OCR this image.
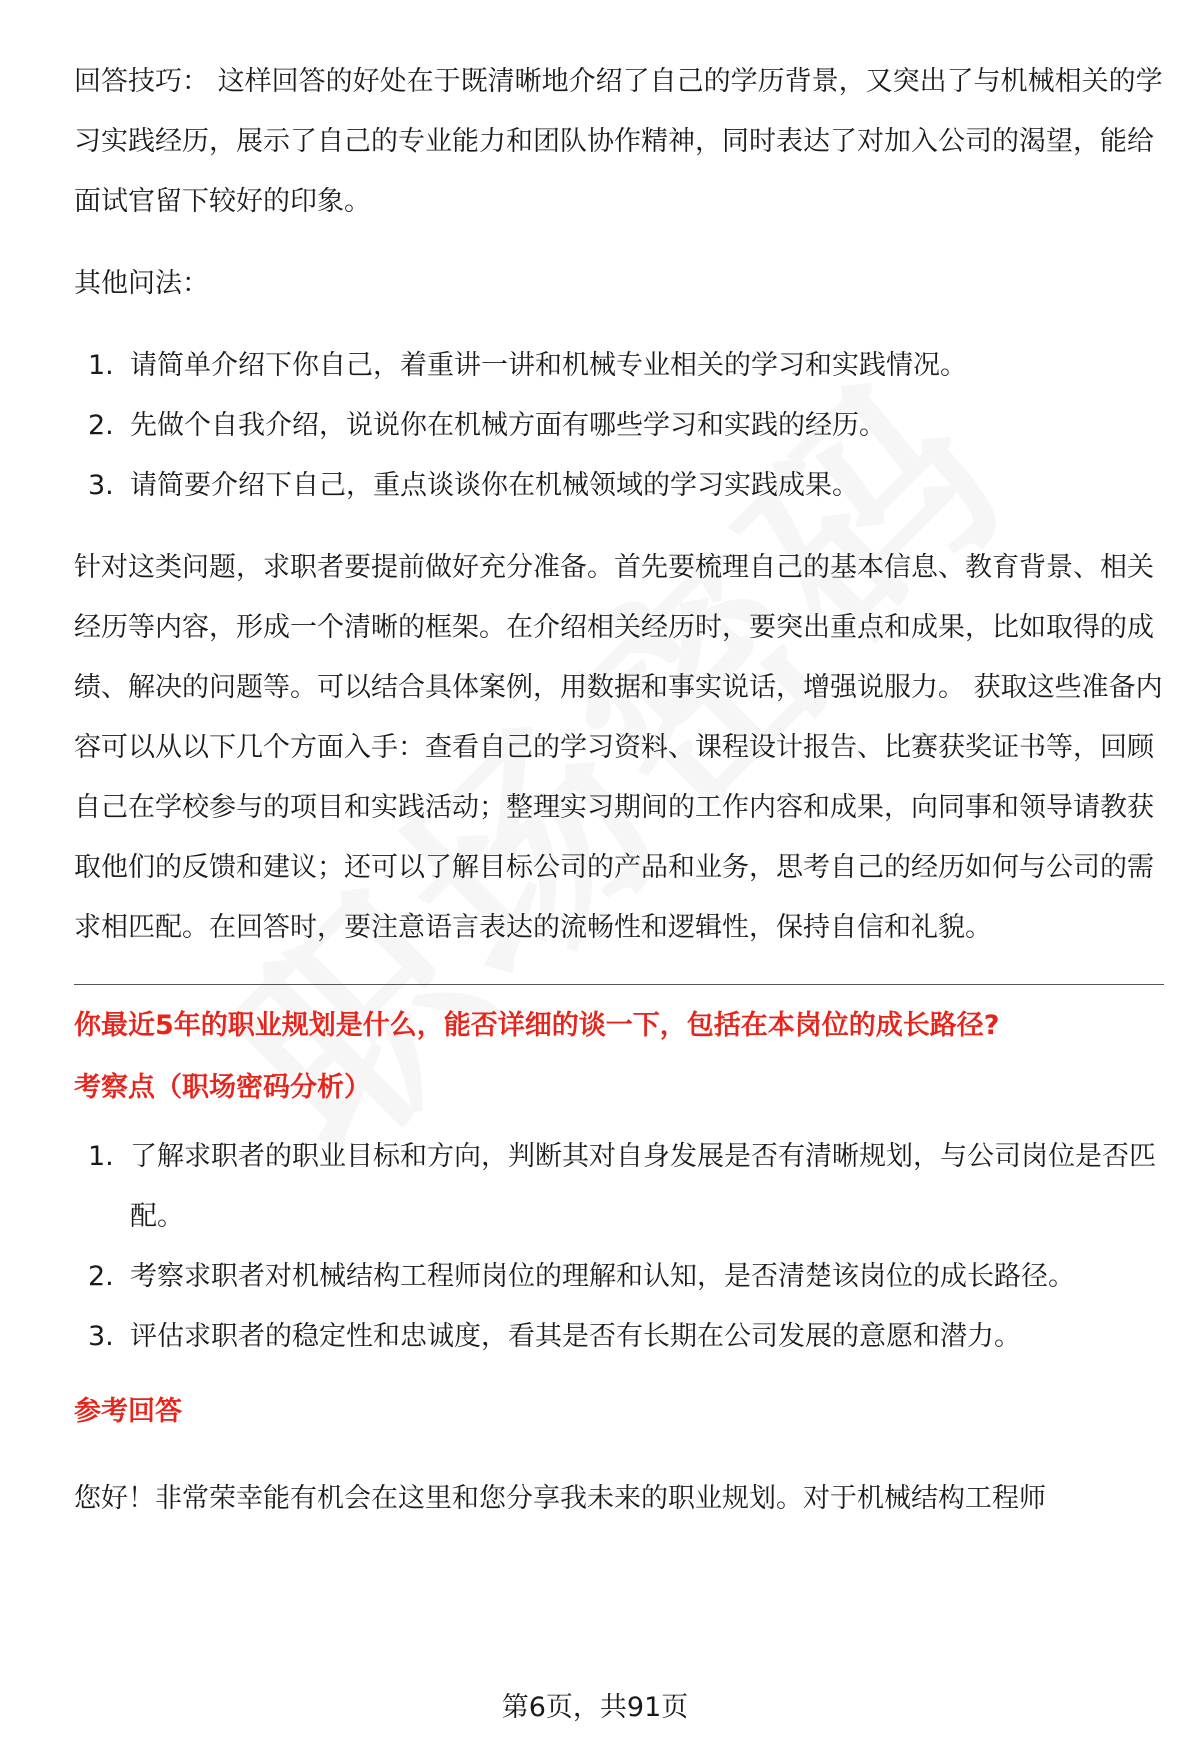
回答技巧： 这样回答的好处在于既清晰地介绍了自己的学历背景，又突出了与机械相关的学习实践经历，展示了自己的专业能力和团队协作精神，同时表达了对加入公司的渴望，能给面试官留下较好的印象。

其他问法：

1. 请简单介绍下你自己，着重讲一讲和机械专业相关的学习和实践情况。
2. 先做个自我介绍，说说你在机械方面有哪些学习和实践的经历。
3. 请简要介绍下自己，重点谈谈你在机械领域的学习实践成果。

针对这类问题，求职者要提前做好充分准备。首先要梳理自己的基本信息、教育背景、相关经历等内容，形成一个清晰的框架。在介绍相关经历时，要突出重点和成果，比如取得的成绩、解决的问题等。可以结合具体案例，用数据和事实说话，增强说服力。 获取这些准备内容可以从以下几个方面入手：查看自己的学习资料、课程设计报告、比赛获奖证书等，回顾自己在学校参与的项目和实践活动；整理实习期间的工作内容和成果，向同事和领导请教获取他们的反馈和建议；还可以了解目标公司的产品和业务，思考自己的经历如何与公司的需求相匹配。在回答时，要注意语言表达的流畅性和逻辑性，保持自信和礼貌。

你最近5年的职业规划是什么，能否详细的谈一下，包括在本岗位的成长路径?
考察点（职场密码分析）
1. 了解求职者的职业目标和方向，判断其对自身发展是否有清晰规划，与公司岗位是否匹配。
2. 考察求职者对机械结构工程师岗位的理解和认知，是否清楚该岗位的成长路径。
3. 评估求职者的稳定性和忠诚度，看其是否有长期在公司发展的意愿和潜力。
参考回答

您好！非常荣幸能有机会在这里和您分享我未来的职业规划。对于机械结构工程师

第6页，共91页
